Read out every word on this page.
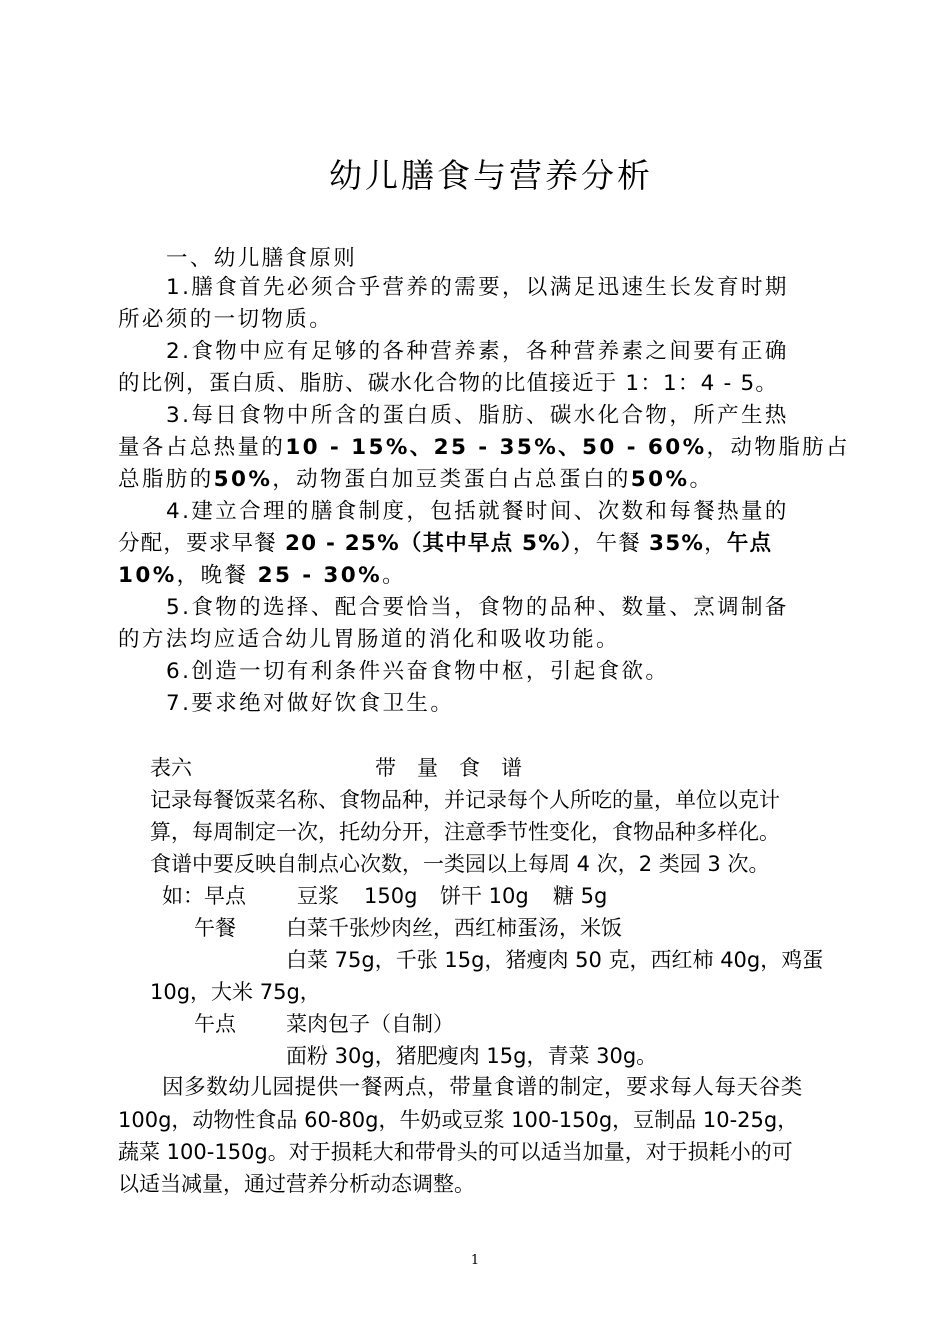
幼儿膳食与营养分析
一、幼儿膳食原则
1.膳食首先必须合乎营养的需要，以满足迅速生长发育时期
所必须的一切物质。
2.食物中应有足够的各种营养素，各种营养素之间要有正确
的比例，蛋白质、脂肪、碳水化合物的比值接近于 1：1：4 - 5。
3.每日食物中所含的蛋白质、脂肪、碳水化合物，所产生热
量各占总热量的10 - 15%、25 - 35%、50 - 60%，动物脂肪占
总脂肪的50%，动物蛋白加豆类蛋白占总蛋白的50%。
4.建立合理的膳食制度，包括就餐时间、次数和每餐热量的
分配，要求早餐 20 - 25%（其中早点 5%），午餐 35%，午点
10%，晚餐 25 - 30%。
5.食物的选择、配合要恰当，食物的品种、数量、烹调制备
的方法均应适合幼儿胃肠道的消化和吸收功能。
6.创造一切有利条件兴奋食物中枢，引起食欲。
7.要求绝对做好饮食卫生。
表六	带　量　食　谱
记录每餐饭菜名称、食物品种，并记录每个人所吃的量，单位以克计
算，每周制定一次，托幼分开，注意季节性变化，食物品种多样化。
食谱中要反映自制点心次数，一类园以上每周 4 次，2 类园 3 次。
如： 早点 豆浆 150g 饼干 10g 糖 5g
午餐 白菜千张炒肉丝，西红柿蛋汤，米饭
白菜 75g，千张 15g，猪瘦肉 50 克，西红柿 40g，鸡蛋
10g，大米 75g，
午点 菜肉包子（自制）
面粉 30g，猪肥瘦肉 15g，青菜 30g。
因多数幼儿园提供一餐两点，带量食谱的制定，要求每人每天谷类
100g，动物性食品 60-80g，牛奶或豆浆 100-150g，豆制品 10-25g，
蔬菜 100-150g。对于损耗大和带骨头的可以适当加量，对于损耗小的可
以适当减量，通过营养分析动态调整。
1
